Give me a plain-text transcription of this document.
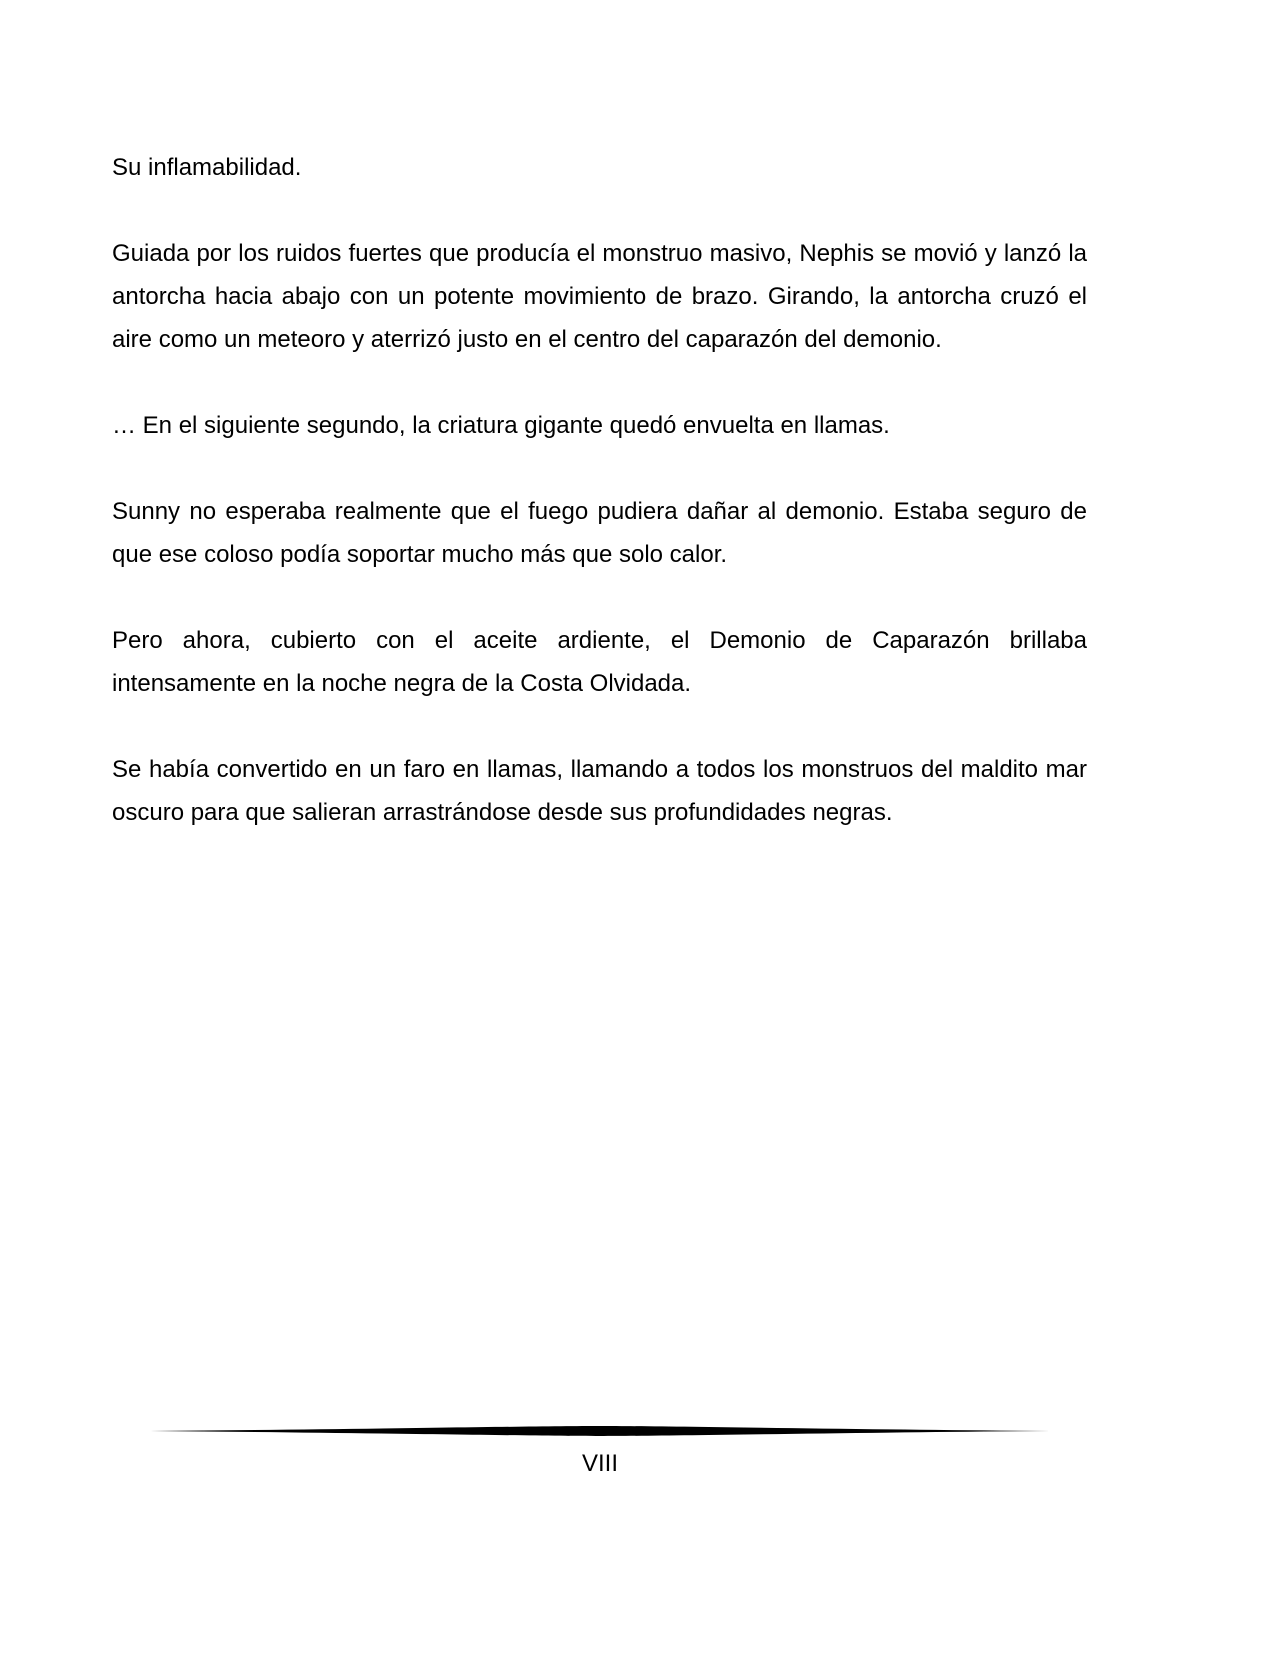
Su inflamabilidad.

Guiada por los ruidos fuertes que producía el monstruo masivo, Nephis se movió y lanzó la antorcha hacia abajo con un potente movimiento de brazo. Girando, la antorcha cruzó el aire como un meteoro y aterrizó justo en el centro del caparazón del demonio.

… En el siguiente segundo, la criatura gigante quedó envuelta en llamas.

Sunny no esperaba realmente que el fuego pudiera dañar al demonio. Estaba seguro de que ese coloso podía soportar mucho más que solo calor.

Pero ahora, cubierto con el aceite ardiente, el Demonio de Caparazón brillaba intensamente en la noche negra de la Costa Olvidada.

Se había convertido en un faro en llamas, llamando a todos los monstruos del maldito mar oscuro para que salieran arrastrándose desde sus profundidades negras.

VIII
